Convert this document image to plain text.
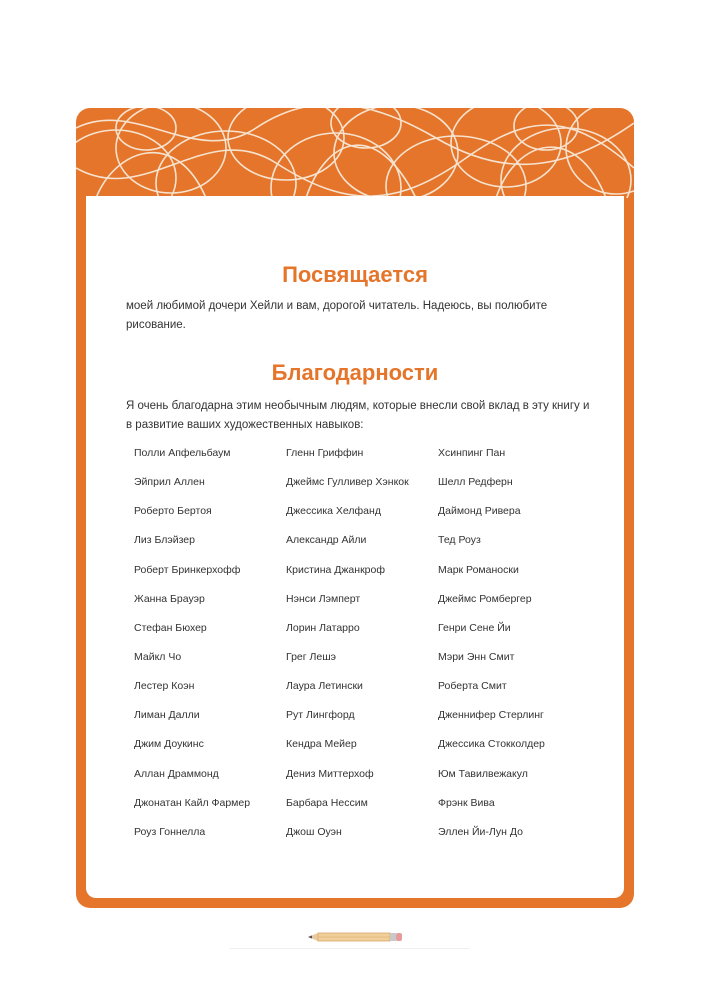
Посвящается

моей любимой дочери Хейли и вам, дорогой читатель. Надеюсь, вы полюбите рисование.

Благодарности

Я очень благодарна этим необычным людям, которые внесли свой вклад в эту книгу и в развитие ваших художественных навыков:

Полли Апфельбаум
Эйприл Аллен
Роберто Бертоя
Лиз Блэйзер
Роберт Бринкерхофф
Жанна Брауэр
Стефан Бюхер
Майкл Чо
Лестер Коэн
Лиман Далли
Джим Доукинс
Аллан Драммонд
Джонатан Кайл Фармер
Роуз Гоннелла
Гленн Гриффин
Джеймс Гулливер Хэнкок
Джессика Хелфанд
Александр Айли
Кристина Джанкроф
Нэнси Лэмперт
Лорин Латарро
Грег Лешэ
Лаура Летински
Рут Лингфорд
Кендра Мейер
Дениз Миттерхоф
Барбара Нессим
Джош Оуэн
Хсинпинг Пан
Шелл Редферн
Даймонд Ривера
Тед Роуз
Марк Романоски
Джеймс Ромбергер
Генри Сене Йи
Мэри Энн Смит
Роберта Смит
Дженнифер Стерлинг
Джессика Стокколдер
Юм Тавилвежакул
Фрэнк Вива
Эллен Йи-Лун До
